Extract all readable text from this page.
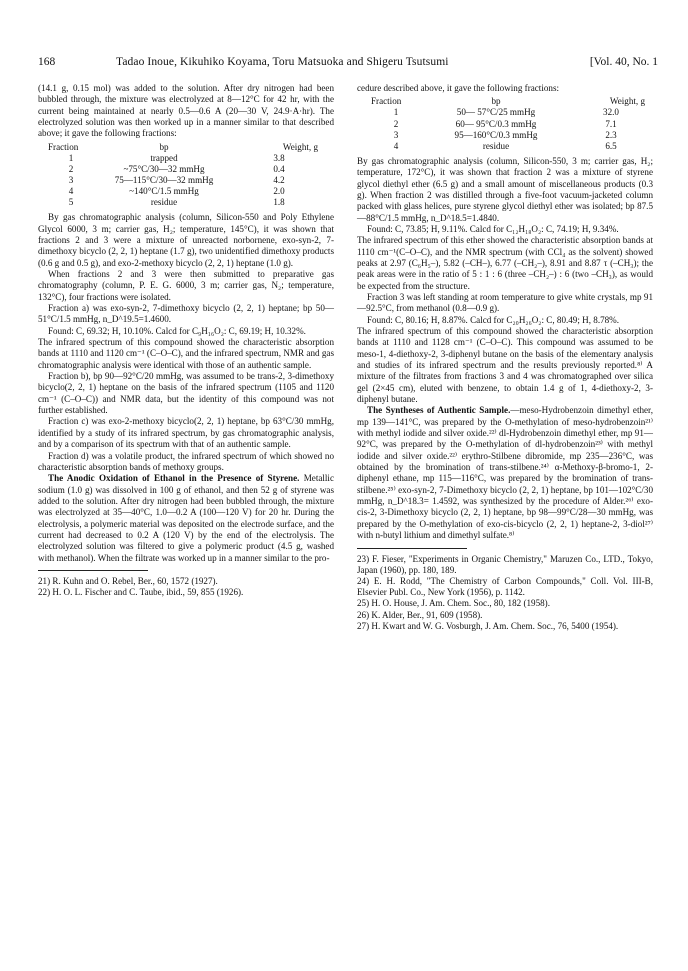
168	Tadao Inoue, Kikuhiko Koyama, Toru Matsuoka and Shigeru Tsutsumi	[Vol. 40, No. 1

(14.1 g, 0.15 mol) was added to the solution. After dry nitrogen had been bubbled through, the mixture was electrolyzed at 8—12°C for 42 hr, with the current being maintained at nearly 0.5—0.6 A (20—30 V, 24.9·A·hr). The electrolyzed solution was then worked up in a manner similar to that described above; it gave the following fractions:

Fraction	bp	Weight, g
1	trapped	3.8
2	~75°C/30—32 mmHg	0.4
3	75—115°C/30—32 mmHg	4.2
4	~140°C/1.5 mmHg	2.0
5	residue	1.8

By gas chromatographic analysis (column, Silicon-550 and Poly Ethylene Glycol 6000, 3 m; carrier gas, H₂; temperature, 145°C), it was shown that fractions 2 and 3 were a mixture of unreacted norbornene, exo-syn-2, 7-dimethoxy bicyclo (2, 2, 1) heptane (1.7 g), two unidentified dimethoxy products (0.6 g and 0.5 g), and exo-2-methoxy bicyclo (2, 2, 1) heptane (1.0 g).

When fractions 2 and 3 were then submitted to preparative gas chromatography (column, P. E. G. 6000, 3 m; carrier gas, N₂; temperature, 132°C), four fractions were isolated.

Fraction a) was exo-syn-2, 7-dimethoxy bicyclo (2, 2, 1) heptane; bp 50—51°C/1.5 mmHg, n_D^19.5=1.4600.

Found: C, 69.32; H, 10.10%. Calcd for C₉H₁₆O₂: C, 69.19; H, 10.32%.

The infrared spectrum of this compound showed the characteristic absorption bands at 1110 and 1120 cm⁻¹ (C–O–C), and the infrared spectrum, NMR and gas chromatographic analysis were identical with those of an authentic sample.

Fraction b), bp 90—92°C/20 mmHg, was assumed to be trans-2, 3-dimethoxy bicyclo(2, 2, 1) heptane on the basis of the infrared spectrum (1105 and 1120 cm⁻¹ (C–O–C)) and NMR data, but the identity of this compound was not further established.

Fraction c) was exo-2-methoxy bicyclo(2, 2, 1) heptane, bp 63°C/30 mmHg, identified by a study of its infrared spectrum, by gas chromatographic analysis, and by a comparison of its spectrum with that of an authentic sample.

Fraction d) was a volatile product, the infrared spectrum of which showed no characteristic absorption bands of methoxy groups.

The Anodic Oxidation of Ethanol in the Presence of Styrene. Metallic sodium (1.0 g) was dissolved in 100 g of ethanol, and then 52 g of styrene was added to the solution. After dry nitrogen had been bubbled through, the mixture was electrolyzed at 35—40°C, 1.0—0.2 A (100—120 V) for 20 hr. During the electrolysis, a polymeric material was deposited on the electrode surface, and the current had decreased to 0.2 A (120 V) by the end of the electrolysis. The electrolyzed solution was filtered to give a polymeric product (4.5 g, washed with methanol). When the filtrate was worked up in a manner similar to the pro-

21) R. Kuhn and O. Rebel, Ber., 60, 1572 (1927).

22) H. O. L. Fischer and C. Taube, ibid., 59, 855 (1926).

cedure described above, it gave the following fractions:

Fraction	bp	Weight, g
1	50— 57°C/25 mmHg	32.0
2	60— 95°C/0.3 mmHg	7.1
3	95—160°C/0.3 mmHg	2.3
4	residue	6.5

By gas chromatographic analysis (column, Silicon-550, 3 m; carrier gas, H₂; temperature, 172°C), it was shown that fraction 2 was a mixture of styrene glycol diethyl ether (6.5 g) and a small amount of miscellaneous products (0.3 g). When fraction 2 was distilled through a five-foot vacuum-jacketed column packed with glass helices, pure styrene glycol diethyl ether was isolated; bp 87.5—88°C/1.5 mmHg, n_D^18.5=1.4840.

Found: C, 73.85; H, 9.11%. Calcd for C₁₂H₁₈O₂: C, 74.19; H, 9.34%.

The infrared spectrum of this ether showed the characteristic absorption bands at 1110 cm⁻¹(C–O–C), and the NMR spectrum (with CCl₄ as the solvent) showed peaks at 2.97 (C₆H₅–), 5.82 (–CH–), 6.77 (–CH₂–), 8.91 and 8.87 τ (–CH₃); the peak areas were in the ratio of 5 : 1 : 6 (three –CH₂–) : 6 (two –CH₃), as would be expected from the structure.

Fraction 3 was left standing at room temperature to give white crystals, mp 91—92.5°C, from methanol (0.8—0.9 g).

Found: C, 80.16; H, 8.87%. Calcd for C₂₀H₂₆O₂: C, 80.49; H, 8.78%.

The infrared spectrum of this compound showed the characteristic absorption bands at 1110 and 1128 cm⁻¹ (C–O–C). This compound was assumed to be meso-1, 4-diethoxy-2, 3-diphenyl butane on the basis of the elementary analysis and studies of its infrared spectrum and the results previously reported.⁸⁾ A mixture of the filtrates from fractions 3 and 4 was chromatographed over silica gel (2×45 cm), eluted with benzene, to obtain 1.4 g of 1, 4-diethoxy-2, 3-diphenyl butane.

The Syntheses of Authentic Sample.—meso-Hydrobenzoin dimethyl ether, mp 139—141°C, was prepared by the O-methylation of meso-hydrobenzoin²¹⁾ with methyl iodide and silver oxide.²²⁾ dl-Hydrobenzoin dimethyl ether, mp 91—92°C, was prepared by the O-methylation of dl-hydrobenzoin²³⁾ with methyl iodide and silver oxide.²²⁾ erythro-Stilbene dibromide, mp 235—236°C, was obtained by the bromination of trans-stilbene.²⁴⁾ α-Methoxy-β-bromo-1, 2-diphenyl ethane, mp 115—116°C, was prepared by the bromination of trans-stilbene.²⁵⁾ exo-syn-2, 7-Dimethoxy bicyclo (2, 2, 1) heptane, bp 101—102°C/30 mmHg, n_D^18.3= 1.4592, was synthesized by the procedure of Alder.²⁶⁾ exo-cis-2, 3-Dimethoxy bicyclo (2, 2, 1) heptane, bp 98—99°C/28—30 mmHg, was prepared by the O-methylation of exo-cis-bicyclo (2, 2, 1) heptane-2, 3-diol²⁷⁾ with n-butyl lithium and dimethyl sulfate.⁸⁾

23) F. Fieser, "Experiments in Organic Chemistry," Maruzen Co., LTD., Tokyo, Japan (1960), pp. 180, 189.

24) E. H. Rodd, "The Chemistry of Carbon Compounds," Coll. Vol. III-B, Elsevier Publ. Co., New York (1956), p. 1142.

25) H. O. House, J. Am. Chem. Soc., 80, 182 (1958).

26) K. Alder, Ber., 91, 609 (1958).

27) H. Kwart and W. G. Vosburgh, J. Am. Chem. Soc., 76, 5400 (1954).
